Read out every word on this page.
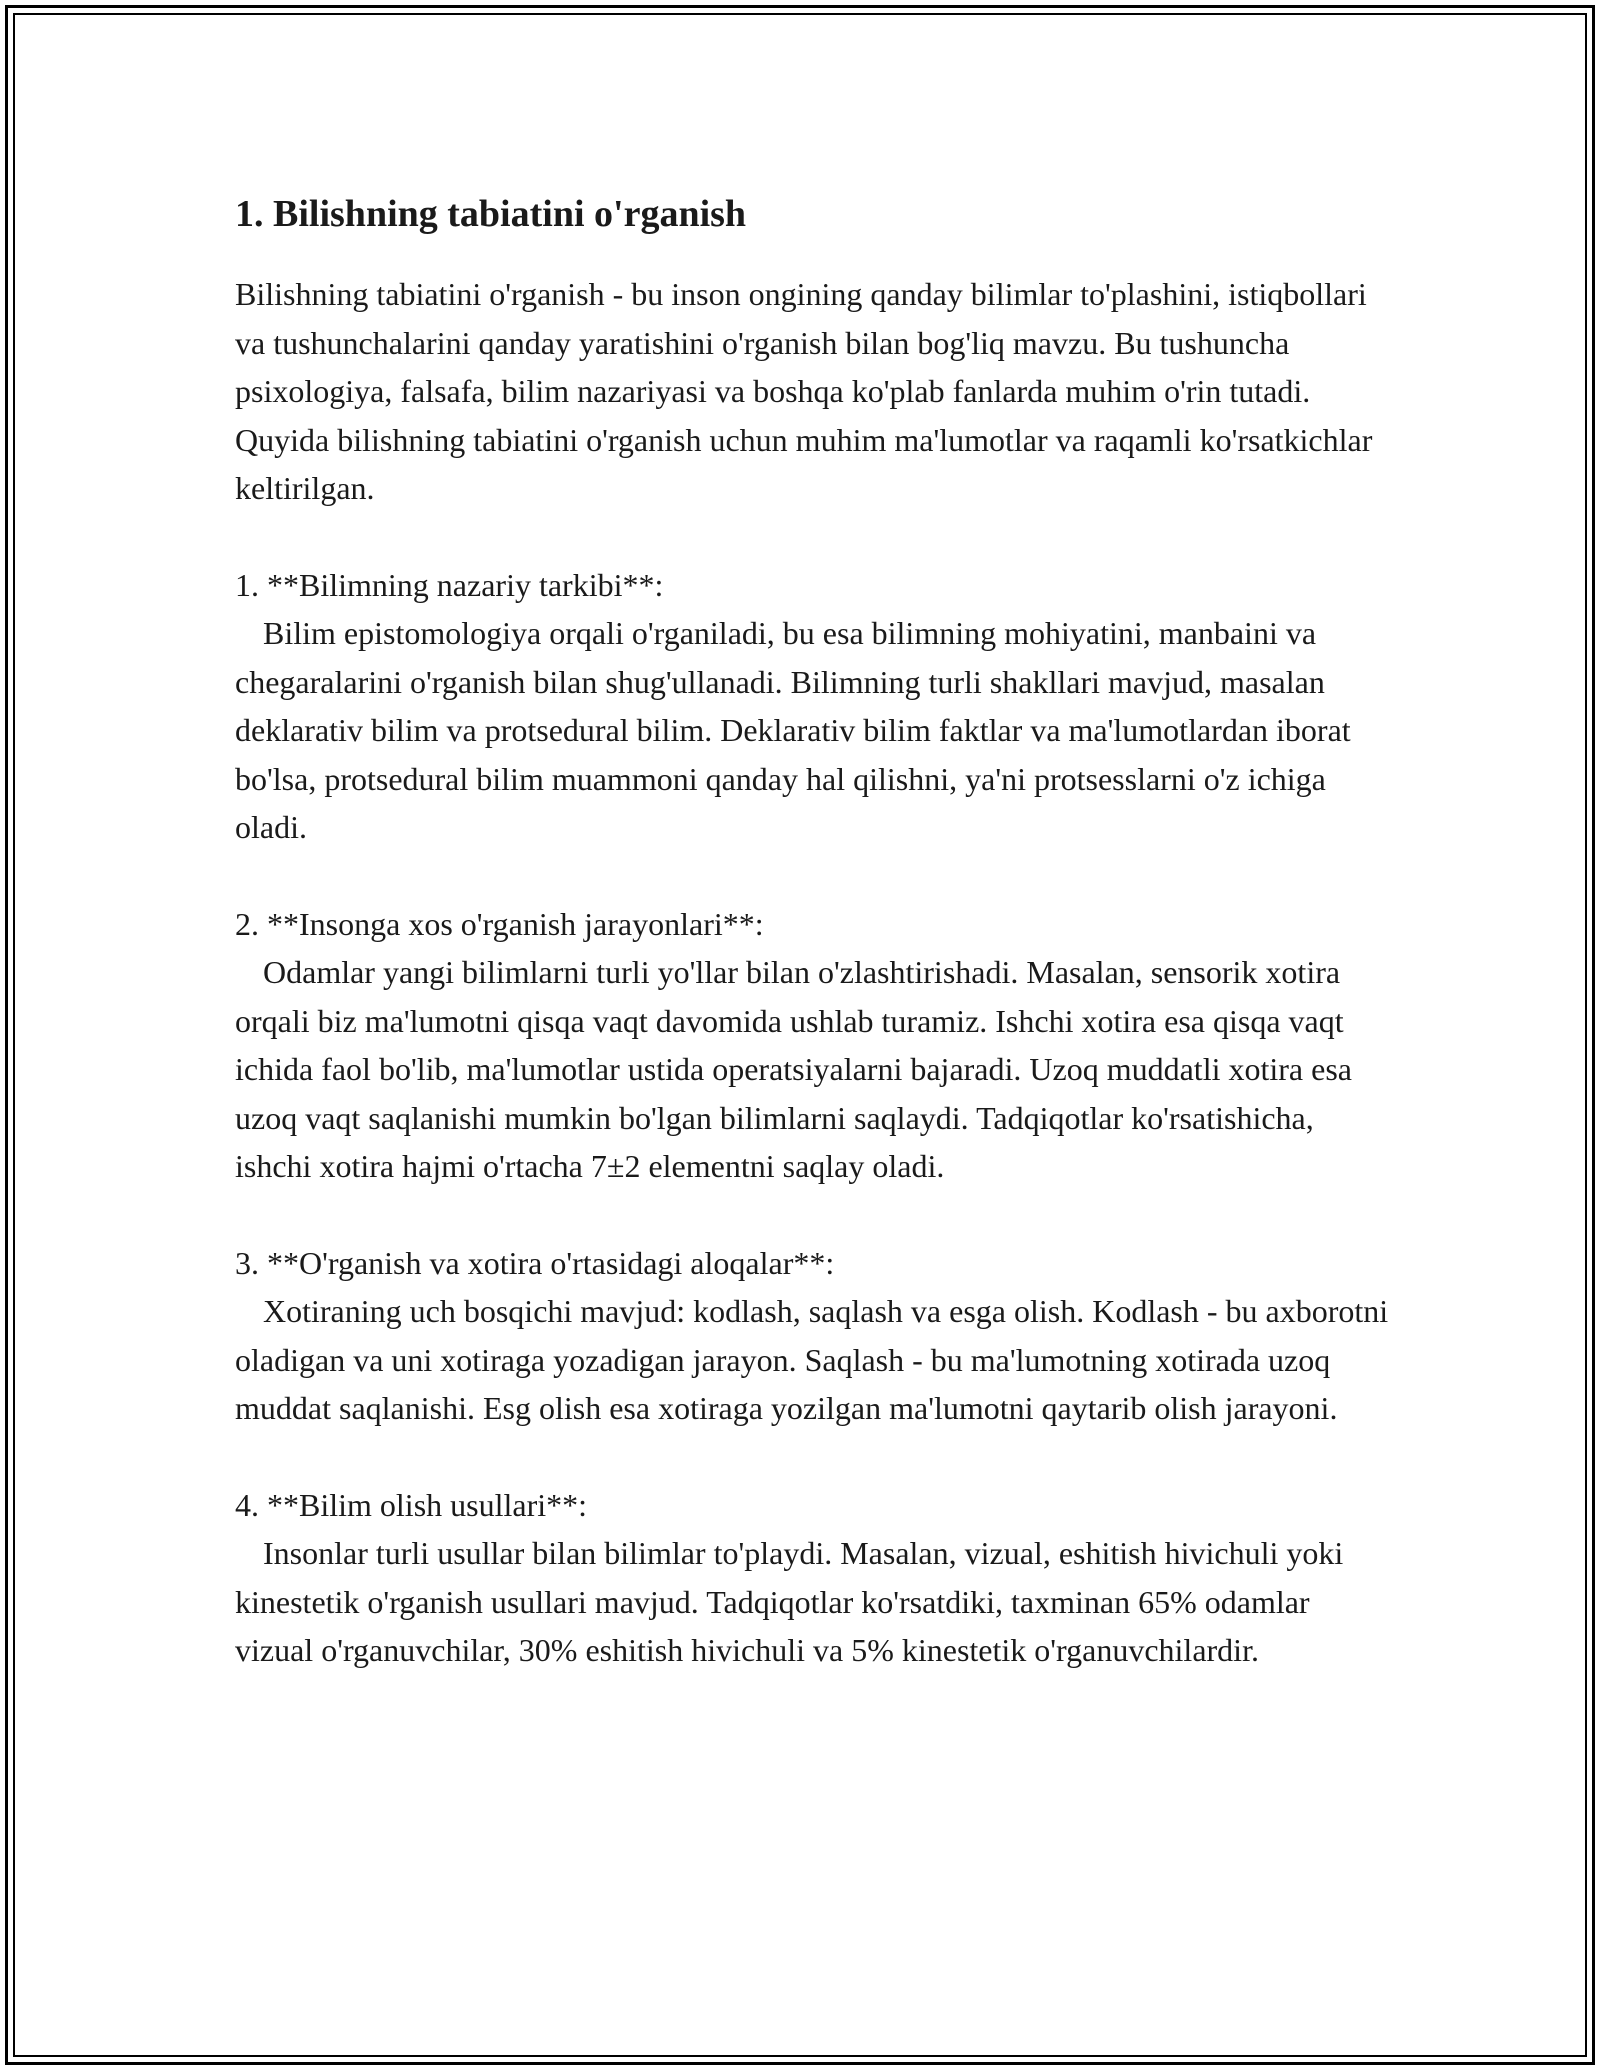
1. Bilishning tabiatini o'rganish

Bilishning tabiatini o'rganish - bu inson ongining qanday bilimlar to'plashini, istiqbollari va tushunchalarini qanday yaratishini o'rganish bilan bog'liq mavzu. Bu tushuncha psixologiya, falsafa, bilim nazariyasi va boshqa ko'plab fanlarda muhim o'rin tutadi. Quyida bilishning tabiatini o'rganish uchun muhim ma'lumotlar va raqamli ko'rsatkichlar keltirilgan.

1. **Bilimning nazariy tarkibi**:

Bilim epistomologiya orqali o'rganiladi, bu esa bilimning mohiyatini, manbaini va chegaralarini o'rganish bilan shug'ullanadi. Bilimning turli shakllari mavjud, masalan deklarativ bilim va protsedural bilim. Deklarativ bilim faktlar va ma'lumotlardan iborat bo'lsa, protsedural bilim muammoni qanday hal qilishni, ya'ni protsesslarni o'z ichiga oladi.

2. **Insonga xos o'rganish jarayonlari**:

Odamlar yangi bilimlarni turli yo'llar bilan o'zlashtirishadi. Masalan, sensorik xotira orqali biz ma'lumotni qisqa vaqt davomida ushlab turamiz. Ishchi xotira esa qisqa vaqt ichida faol bo'lib, ma'lumotlar ustida operatsiyalarni bajaradi. Uzoq muddatli xotira esa uzoq vaqt saqlanishi mumkin bo'lgan bilimlarni saqlaydi. Tadqiqotlar ko'rsatishicha, ishchi xotira hajmi o'rtacha 7±2 elementni saqlay oladi.

3. **O'rganish va xotira o'rtasidagi aloqalar**:

Xotiraning uch bosqichi mavjud: kodlash, saqlash va esga olish. Kodlash - bu axborotni oladigan va uni xotiraga yozadigan jarayon. Saqlash - bu ma'lumotning xotirada uzoq muddat saqlanishi. Esg olish esa xotiraga yozilgan ma'lumotni qaytarib olish jarayoni.

4. **Bilim olish usullari**:

Insonlar turli usullar bilan bilimlar to'playdi. Masalan, vizual, eshitish hivichuli yoki kinestetik o'rganish usullari mavjud. Tadqiqotlar ko'rsatdiki, taxminan 65% odamlar vizual o'rganuvchilar, 30% eshitish hivichuli va 5% kinestetik o'rganuvchilardir.
